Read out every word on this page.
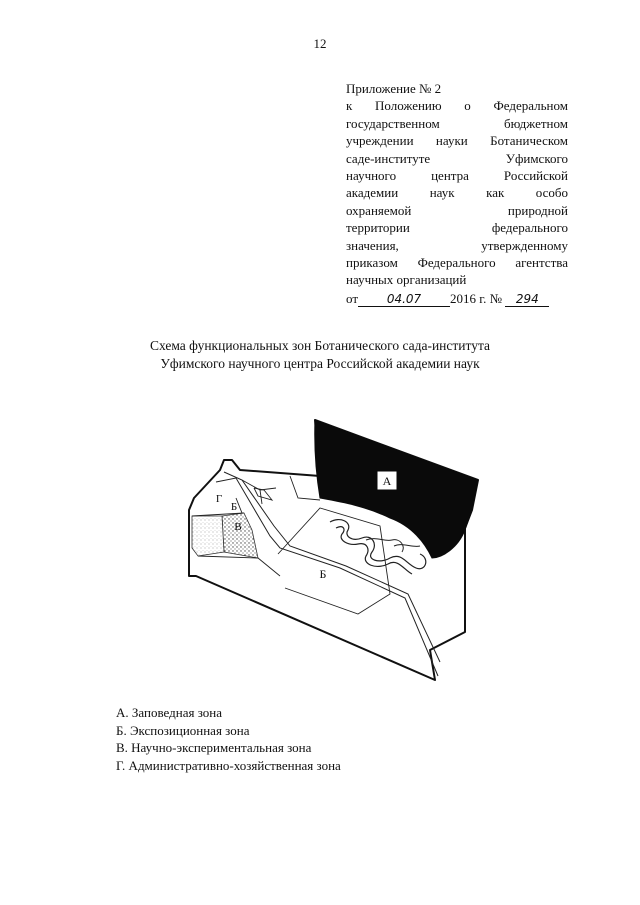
12
Приложение № 2
к Положению о Федеральном
государственном бюджетном
учреждении науки Ботаническом
саде-институте Уфимского
научного центра Российской
академии наук как особо
охраняемой природной
территории федерального
значения, утвержденному
приказом Федерального агентства
научных организаций
от 04.07 2016 г. № 294
Схема функциональных зон Ботанического сада-института
Уфимского научного центра Российской академии наук
А
Б
Г
Б
В
А. Заповедная зона
Б. Экспозиционная зона
В. Научно-экспериментальная зона
Г. Административно-хозяйственная зона
